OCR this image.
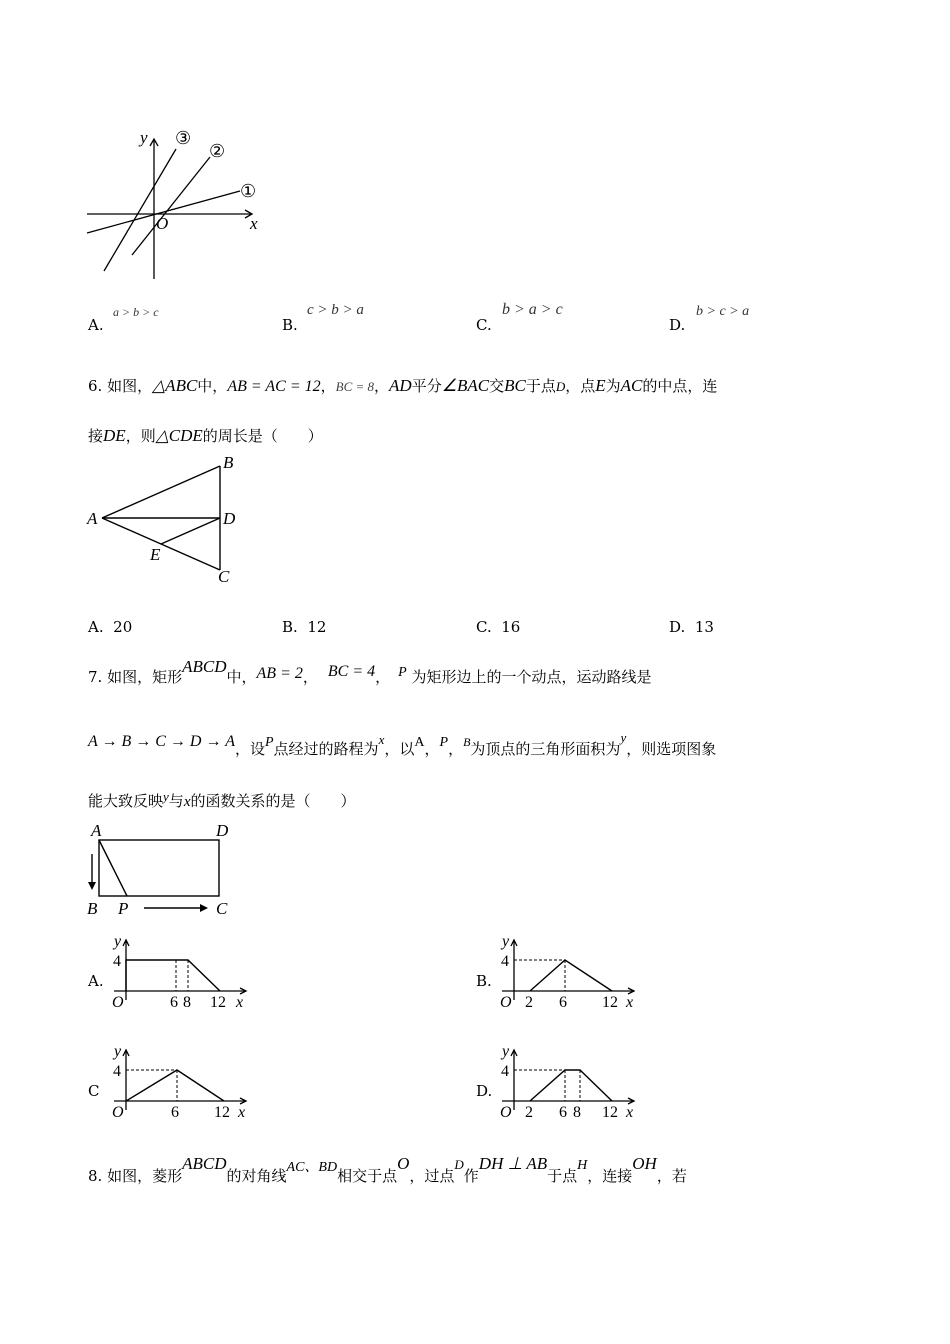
y
x
O
①
②
③
A.
a > b > c
B.
c > b > a
C.
b > a > c
D.
b > c > a
6. 如图，△ABC中，AB = AC = 12，BC = 8，AD平分∠BAC交BC于点D，点E为AC的中点，连
接DE，则△CDE的周长是（　　）
A
B
D
C
E
A. 20	B. 12	C. 16	D. 13
7. 如图，矩形ABCD中，AB = 2， BC = 4， P 为矩形边上的一个动点，运动路线是
A → B → C → D → A，设P点经过的路程为x，以A，P，$^B$为顶点的三角形面积为y，则选项图象
能大致反映y与x的函数关系的是（　　）
A	D
B P	C
A.
y
4
O	6 8 12 x
B.
y
4
O 2 6 12 x
C
y
4
O	6 12 x
D.
y
4
O 2 6 8 12 x
8. 如图，菱形ABCD的对角线AC、BD相交于点O，过点D作DH ⊥ AB于点H，连接OH，若
